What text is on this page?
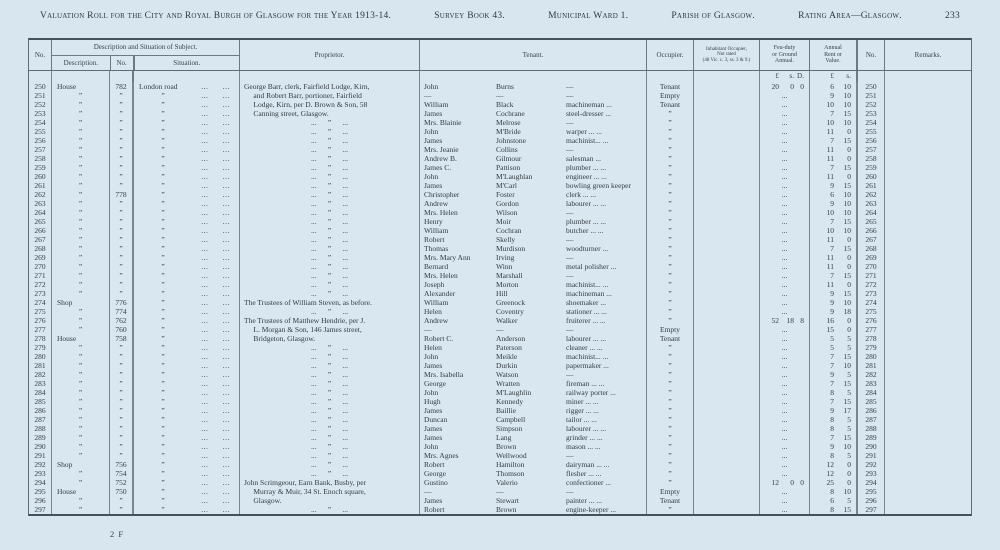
Valuation Roll for the City and Royal Burgh of Glasgow for the Year 1913-14.	Survey Book 43.	Municipal Ward 1.	Parish of Glasgow.	Rating Area—Glasgow.	233
No.
Description and Situation of Subject.
Description.	No.	Situation.
Proprietor.	Tenant.	Occupier.
Inhabitant Occupier,
Not rated
(48 Vic. c. 3, ss. 3 & 9.)
Feu-duty
or Ground
Annual.
Annual
Rent or
Value.
No.	Remarks.
£	s. D.	£	s.
250	House	782	London road	...      ...	George Barr, clerk, Fairfield Lodge, Kirn,	John	Burns	—	Tenant	20	0 0	6	10	250
251	”	”	”	...      ...	and Robert Barr, portioner, Fairfield	—	—	—	Empty	...	9	10	251
252	”	”	”	...      ...	Lodge, Kirn, per D. Brown & Son, 58	William	Black	machineman ...	Tenant	...	10	10	252
253	”	”	”	...      ...	Canning street, Glasgow.	James	Cochrane	steel-dresser ...	”	...	7	15	253
254	”	”	”	...      ...	...      ”      ...	Mrs. Blainie	Melrose	—	”	...	10	10	254
255	”	”	”	...      ...	...      ”      ...	John	M'Bride	warper ... ...	”	...	11	0	255
256	”	”	”	...      ...	...      ”      ...	James	Johnstone	machinist... ...	”	...	7	15	256
257	”	”	”	...      ...	...      ”      ...	Mrs. Jeanie	Collins	—	”	...	11	0	257
258	”	”	”	...      ...	...      ”      ...	Andrew B.	Gilmour	salesman ...	”	...	11	0	258
259	”	”	”	...      ...	...      ”      ...	James C.	Pattison	plumber ... ...	”	...	7	15	259
260	”	”	”	...      ...	...      ”      ...	John	M'Laughlan	engineer ... ...	”	...	11	0	260
261	”	”	”	...      ...	...      ”      ...	James	M'Carl	bowling green keeper	”	...	9	15	261
262	”	778	”	...      ...	...      ”      ...	Christopher	Foster	clerk ... ...	”	...	6	10	262
263	”	”	”	...      ...	...      ”      ...	Andrew	Gordon	labourer ... ...	”	...	9	10	263
264	”	”	”	...      ...	...      ”      ...	Mrs. Helen	Wilson	—	”	...	10	10	264
265	”	”	”	...      ...	...      ”      ...	Henry	Moir	plumber ... ...	”	...	7	15	265
266	”	”	”	...      ...	...      ”      ...	William	Cochran	butcher ... ...	”	...	10	10	266
267	”	”	”	...      ...	...      ”      ...	Robert	Skelly	—	”	...	11	0	267
268	”	”	”	...      ...	...      ”      ...	Thomas	Murdison	woodturner ...	”	...	7	15	268
269	”	”	”	...      ...	...      ”      ...	Mrs. Mary Ann	Irving	—	”	...	11	0	269
270	”	”	”	...      ...	...      ”      ...	Bernard	Winn	metal polisher ...	”	...	11	0	270
271	”	”	”	...      ...	...      ”      ...	Mrs. Helen	Marshall	—	”	...	7	15	271
272	”	”	”	...      ...	...      ”      ...	Joseph	Morton	machinist... ...	”	...	11	0	272
273	”	”	”	...      ...	...      ”      ...	Alexander	Hill	machineman ...	”	...	9	15	273
274	Shop	776	”	...      ...	The Trustees of William Steven, as before.	William	Greenock	shoemaker ...	”	...	9	10	274
275	”	774	”	...      ...	...      ”      ...	Helen	Coventry	stationer ... ...	”	...	9	18	275
276	”	762	”	...      ...	The Trustees of Matthew Hendrie, per J.	Andrew	Walker	fruiterer ... ...	”	52	18 8	16	0	276
277	”	760	”	...      ...	L. Morgan & Son, 146 James street,	—	—	—	Empty	...	15	0	277
278	House	758	”	...      ...	Bridgeton, Glasgow.	Robert C.	Anderson	labourer ... ...	Tenant	...	5	5	278
279	”	”	”	...      ...	...      ”      ...	Helen	Paterson	cleaner ... ...	”	...	5	5	279
280	”	”	”	...      ...	...      ”      ...	John	Meikle	machinist... ...	”	...	7	15	280
281	”	”	”	...      ...	...      ”      ...	James	Durkin	papermaker ...	”	...	7	10	281
282	”	”	”	...      ...	...      ”      ...	Mrs. Isabella	Watson	—	”	...	9	5	282
283	”	”	”	...      ...	...      ”      ...	George	Wratten	fireman ... ...	”	...	7	15	283
284	”	”	”	...      ...	...      ”      ...	John	M'Laughlin	railway porter ...	”	...	8	5	284
285	”	”	”	...      ...	...      ”      ...	Hugh	Kennedy	miner ... ...	”	...	7	15	285
286	”	”	”	...      ...	...      ”      ...	James	Baillie	rigger ... ...	”	...	9	17	286
287	”	”	”	...      ...	...      ”      ...	Duncan	Campbell	tailor ... ...	”	...	8	5	287
288	”	”	”	...      ...	...      ”      ...	James	Simpson	labourer ... ...	”	...	8	5	288
289	”	”	”	...      ...	...      ”      ...	James	Lang	grinder ... ...	”	...	7	15	289
290	”	”	”	...      ...	...      ”      ...	John	Brown	mason ... ...	”	...	9	10	290
291	”	”	”	...      ...	...      ”      ...	Mrs. Agnes	Wellwood	—	”	...	8	5	291
292	Shop	756	”	...      ...	...      ”      ...	Robert	Hamilton	dairyman ... ...	”	...	12	0	292
293	”	754	”	...      ...	...      ”      ...	George	Thomson	flesher ... ...	”	...	12	0	293
294	”	752	”	...      ...	John Scrimgeour, Earn Bank, Busby, per	Gustino	Valerio	confectioner ...	”	12	0 0	25	0	294
295	House	750	”	...      ...	Murray & Muir, 34 St. Enoch square,	—	—	—	Empty	...	8	10	295
296	”	”	”	...      ...	Glasgow.	James	Stewart	painter ... ...	Tenant	...	6	5	296
297	”	”	”	...      ...	...      ”      ...	Robert	Brown	engine-keeper ...	”	...	8	15	297
2 F
